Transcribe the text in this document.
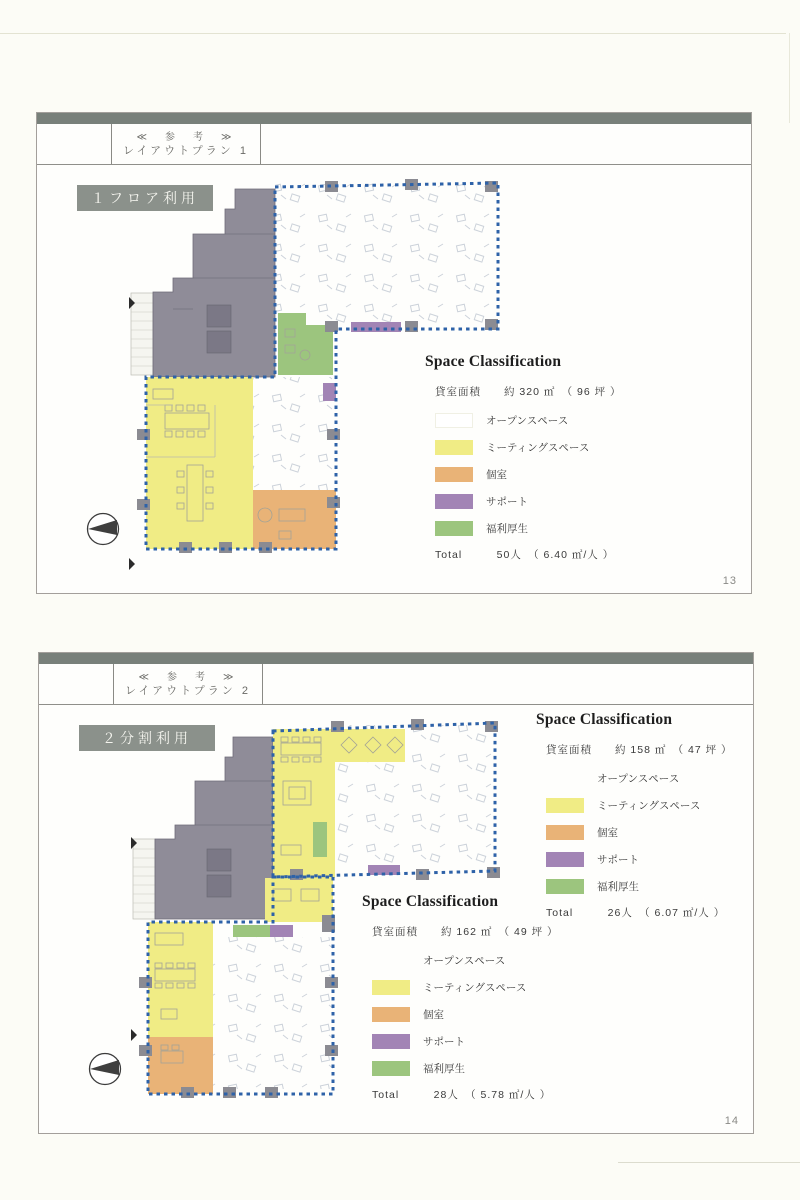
≪　参　考　≫
レイアウトプラン 1
１フロア利用
Space Classification
貸室面積　　約 320 ㎡　（ 96 坪 ）
オープンスペース
ミーティングスペース
個室
サポート
福利厚生
Total　　　50人　（ 6.40 ㎡/人 ）
13
≪　参　考　≫
レイアウトプラン 2
２分割利用
Space Classification
貸室面積　　約 158 ㎡　（ 47 坪 ）
オープンスペース
ミーティングスペース
個室
サポート
福利厚生
Total　　　26人　（ 6.07 ㎡/人 ）
Space Classification
貸室面積　　約 162 ㎡　（ 49 坪 ）
オープンスペース
ミーティングスペース
個室
サポート
福利厚生
Total　　　28人　（ 5.78 ㎡/人 ）
14
